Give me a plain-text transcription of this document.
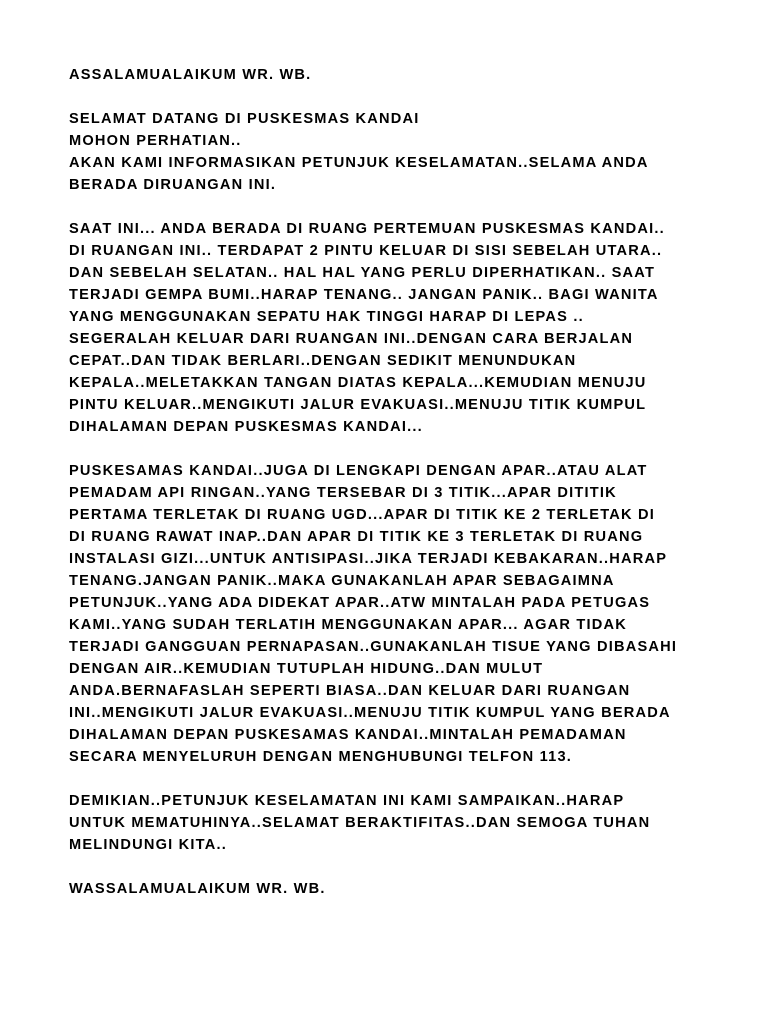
ASSALAMUALAIKUM WR. WB.
SELAMAT DATANG DI PUSKESMAS KANDAI
MOHON PERHATIAN..
AKAN KAMI INFORMASIKAN PETUNJUK KESELAMATAN..SELAMA ANDA
BERADA DIRUANGAN INI.
SAAT INI... ANDA BERADA DI RUANG PERTEMUAN PUSKESMAS KANDAI..
DI RUANGAN INI.. TERDAPAT 2 PINTU KELUAR DI SISI SEBELAH UTARA..
DAN SEBELAH SELATAN.. HAL HAL YANG PERLU DIPERHATIKAN.. SAAT
TERJADI GEMPA BUMI..HARAP TENANG.. JANGAN PANIK.. BAGI WANITA
YANG MENGGUNAKAN SEPATU HAK TINGGI HARAP DI LEPAS ..
SEGERALAH KELUAR DARI RUANGAN INI..DENGAN CARA BERJALAN
CEPAT..DAN TIDAK BERLARI..DENGAN SEDIKIT MENUNDUKAN
KEPALA..MELETAKKAN TANGAN DIATAS KEPALA...KEMUDIAN MENUJU
PINTU KELUAR..MENGIKUTI JALUR EVAKUASI..MENUJU TITIK KUMPUL
DIHALAMAN DEPAN PUSKESMAS KANDAI...
PUSKESAMAS KANDAI..JUGA DI LENGKAPI DENGAN APAR..ATAU ALAT
PEMADAM API RINGAN..YANG TERSEBAR DI 3 TITIK...APAR DITITIK
PERTAMA TERLETAK DI RUANG UGD...APAR DI TITIK KE 2 TERLETAK DI
DI RUANG RAWAT INAP..DAN APAR DI TITIK KE 3 TERLETAK DI RUANG
INSTALASI GIZI...UNTUK ANTISIPASI..JIKA TERJADI KEBAKARAN..HARAP
TENANG.JANGAN PANIK..MAKA GUNAKANLAH APAR SEBAGAIMNA
PETUNJUK..YANG ADA DIDEKAT APAR..ATW MINTALAH PADA PETUGAS
KAMI..YANG SUDAH TERLATIH MENGGUNAKAN APAR... AGAR TIDAK
TERJADI GANGGUAN PERNAPASAN..GUNAKANLAH TISUE YANG DIBASAHI
DENGAN AIR..KEMUDIAN TUTUPLAH HIDUNG..DAN MULUT
ANDA.BERNAFASLAH SEPERTI BIASA..DAN KELUAR DARI RUANGAN
INI..MENGIKUTI JALUR EVAKUASI..MENUJU TITIK KUMPUL YANG BERADA
DIHALAMAN DEPAN PUSKESAMAS KANDAI..MINTALAH PEMADAMAN
SECARA MENYELURUH DENGAN MENGHUBUNGI TELFON 113.
DEMIKIAN..PETUNJUK KESELAMATAN INI KAMI SAMPAIKAN..HARAP
UNTUK MEMATUHINYA..SELAMAT BERAKTIFITAS..DAN SEMOGA TUHAN
MELINDUNGI KITA..
WASSALAMUALAIKUM WR. WB.
